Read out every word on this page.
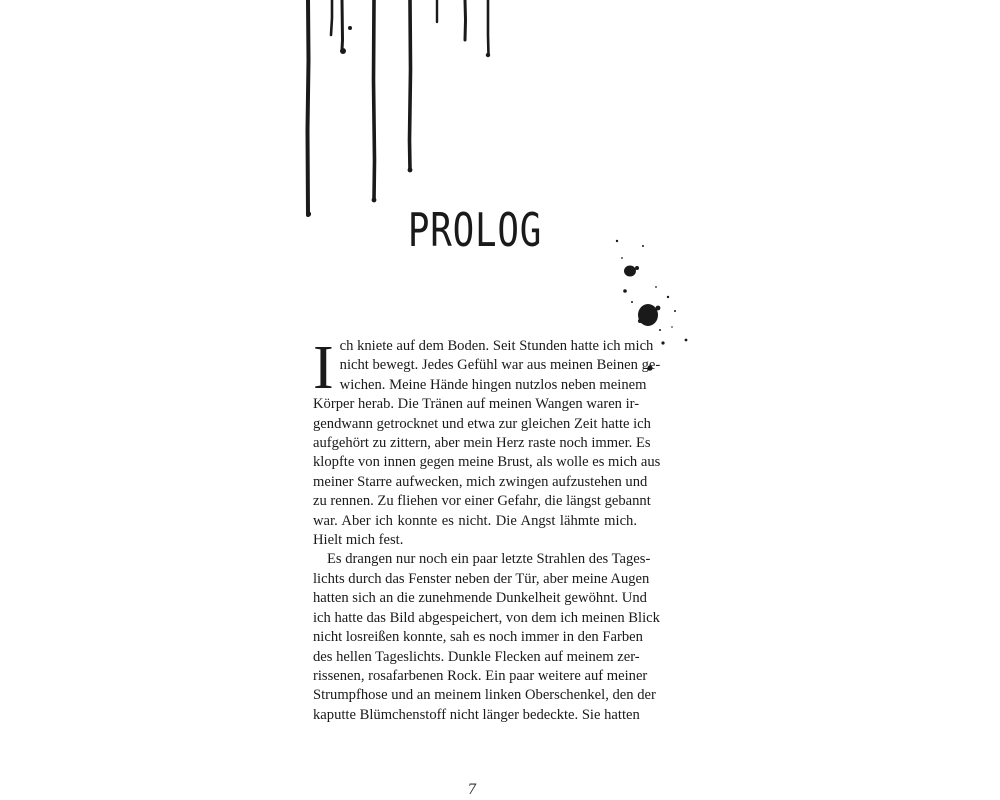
PROLOG

I ch kniete auf dem Boden. Seit Stunden hatte ich mich
nicht bewegt. Jedes Gefühl war aus meinen Beinen ge-
wichen. Meine Hände hingen nutzlos neben meinem
Körper herab. Die Tränen auf meinen Wangen waren ir-
gendwann getrocknet und etwa zur gleichen Zeit hatte ich
aufgehört zu zittern, aber mein Herz raste noch immer. Es
klopfte von innen gegen meine Brust, als wolle es mich aus
meiner Starre aufwecken, mich zwingen aufzustehen und
zu rennen. Zu fliehen vor einer Gefahr, die längst gebannt
war. Aber ich konnte es nicht. Die Angst lähmte mich.
Hielt mich fest.

Es drangen nur noch ein paar letzte Strahlen des Tages-
lichts durch das Fenster neben der Tür, aber meine Augen
hatten sich an die zunehmende Dunkelheit gewöhnt. Und
ich hatte das Bild abgespeichert, von dem ich meinen Blick
nicht losreißen konnte, sah es noch immer in den Farben
des hellen Tageslichts. Dunkle Flecken auf meinem zer-
rissenen, rosafarbenen Rock. Ein paar weitere auf meiner
Strumpfhose und an meinem linken Oberschenkel, den der
kaputte Blümchenstoff nicht länger bedeckte. Sie hatten

7
